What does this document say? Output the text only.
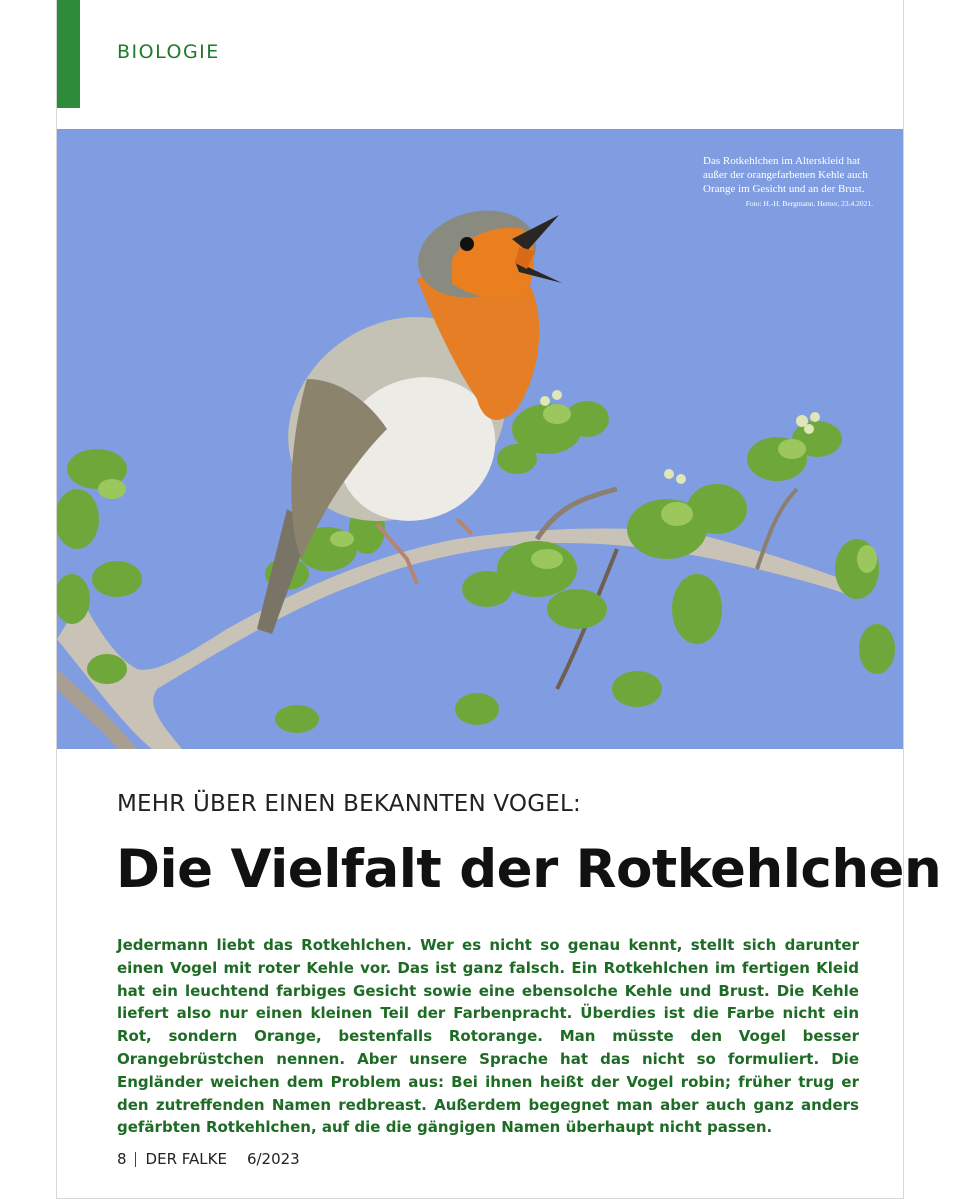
BIOLOGIE
Das Rotkehlchen im Alterskleid hat außer der orangefarbenen Kehle auch Orange im Gesicht und an der Brust.
Foto: H.-H. Bergmann. Hemer, 23.4.2021.
MEHR ÜBER EINEN BEKANNTEN VOGEL:
Die Vielfalt der Rotkehlchen
Jedermann liebt das Rotkehlchen. Wer es nicht so genau kennt, stellt sich darunter einen Vogel mit roter Kehle vor. Das ist ganz falsch. Ein Rotkehlchen im fertigen Kleid hat ein leuchtend farbiges Gesicht sowie eine ebensolche Kehle und Brust. Die Kehle liefert also nur einen kleinen Teil der Farbenpracht. Überdies ist die Farbe nicht ein Rot, sondern Orange, bestenfalls Rotorange. Man müsste den Vogel besser Orangebrüstchen nennen. Aber unsere Sprache hat das nicht so formuliert. Die Engländer weichen dem Problem aus: Bei ihnen heißt der Vogel robin; früher trug er den zutreffenden Namen redbreast. Außerdem begegnet man aber auch ganz anders gefärbten Rotkehlchen, auf die die gängigen Namen überhaupt nicht passen.
8 DER FALKE 6/2023
